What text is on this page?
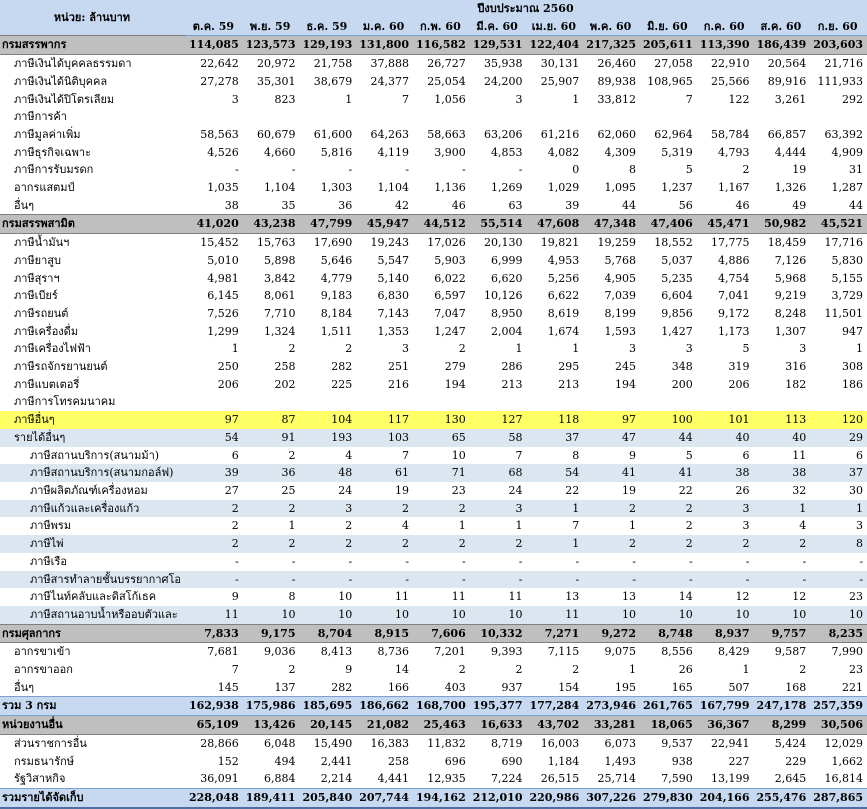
หน่วย: ล้านบาท	ปีงบประมาณ 2560											
	ต.ค. 59	พ.ย. 59	ธ.ค. 59	ม.ค. 60	ก.พ. 60	มี.ค. 60	เม.ย. 60	พ.ค. 60	มิ.ย. 60	ก.ค. 60	ส.ค. 60	ก.ย. 60
กรมสรรพากร	114,085	123,573	129,193	131,800	116,582	129,531	122,404	217,325	205,611	113,390	186,439	203,603
ภาษีเงินได้บุคคลธรรมดา	22,642	20,972	21,758	37,888	26,727	35,938	30,131	26,460	27,058	22,910	20,564	21,716
ภาษีเงินได้นิติบุคคล	27,278	35,301	38,679	24,377	25,054	24,200	25,907	89,938	108,965	25,566	89,916	111,933
ภาษีเงินได้ปิโตรเลียม	3	823	1	7	1,056	3	1	33,812	7	122	3,261	292
ภาษีการค้า												
ภาษีมูลค่าเพิ่ม	58,563	60,679	61,600	64,263	58,663	63,206	61,216	62,060	62,964	58,784	66,857	63,392
ภาษีธุรกิจเฉพาะ	4,526	4,660	5,816	4,119	3,900	4,853	4,082	4,309	5,319	4,793	4,444	4,909
ภาษีการรับมรดก	-	-	-	-	-	-	0	8	5	2	19	31
อากรแสตมป์	1,035	1,104	1,303	1,104	1,136	1,269	1,029	1,095	1,237	1,167	1,326	1,287
อื่นๆ	38	35	36	42	46	63	39	44	56	46	49	44
กรมสรรพสามิต	41,020	43,238	47,799	45,947	44,512	55,514	47,608	47,348	47,406	45,471	50,982	45,521
ภาษีน้ำมันฯ	15,452	15,763	17,690	19,243	17,026	20,130	19,821	19,259	18,552	17,775	18,459	17,716
ภาษียาสูบ	5,010	5,898	5,646	5,547	5,903	6,999	4,953	5,768	5,037	4,886	7,126	5,830
ภาษีสุราฯ	4,981	3,842	4,779	5,140	6,022	6,620	5,256	4,905	5,235	4,754	5,968	5,155
ภาษีเบียร์	6,145	8,061	9,183	6,830	6,597	10,126	6,622	7,039	6,604	7,041	9,219	3,729
ภาษีรถยนต์	7,526	7,710	8,184	7,143	7,047	8,950	8,619	8,199	9,856	9,172	8,248	11,501
ภาษีเครื่องดื่ม	1,299	1,324	1,511	1,353	1,247	2,004	1,674	1,593	1,427	1,173	1,307	947
ภาษีเครื่องไฟฟ้า	1	2	2	3	2	1	1	3	3	5	3	1
ภาษีรถจักรยานยนต์	250	258	282	251	279	286	295	245	348	319	316	308
ภาษีแบตเตอรี่	206	202	225	216	194	213	213	194	200	206	182	186
ภาษีการโทรคมนาคม												
ภาษีอื่นๆ	97	87	104	117	130	127	118	97	100	101	113	120
รายได้อื่นๆ	54	91	193	103	65	58	37	47	44	40	40	29
ภาษีสถานบริการ(สนามม้า)	6	2	4	7	10	7	8	9	5	6	11	6
ภาษีสถานบริการ(สนามกอล์ฟ)	39	36	48	61	71	68	54	41	41	38	38	37
ภาษีผลิตภัณฑ์เครื่องหอม	27	25	24	19	23	24	22	19	22	26	32	30
ภาษีแก้วและเครื่องแก้ว	2	2	3	2	2	3	1	2	2	3	1	1
ภาษีพรม	2	1	2	4	1	1	7	1	2	3	4	3
ภาษีไพ่	2	2	2	2	2	2	1	2	2	2	2	8
ภาษีเรือ	-	-	-	-	-	-	-	-	-	-	-	-
ภาษีสารทำลายชั้นบรรยากาศโอ	-	-	-	-	-	-	-	-	-	-	-	-
ภาษีไนท์คลับและดิสโก้เธค	9	8	10	11	11	11	13	13	14	12	12	23
ภาษีสถานอาบน้ำหรืออบตัวและ	11	10	10	10	10	10	11	10	10	10	10	10
กรมศุลกากร	7,833	9,175	8,704	8,915	7,606	10,332	7,271	9,272	8,748	8,937	9,757	8,235
อากรขาเข้า	7,681	9,036	8,413	8,736	7,201	9,393	7,115	9,075	8,556	8,429	9,587	7,990
อากรขาออก	7	2	9	14	2	2	2	1	26	1	2	23
อื่นๆ	145	137	282	166	403	937	154	195	165	507	168	221
รวม 3 กรม	162,938	175,986	185,695	186,662	168,700	195,377	177,284	273,946	261,765	167,799	247,178	257,359
หน่วยงานอื่น	65,109	13,426	20,145	21,082	25,463	16,633	43,702	33,281	18,065	36,367	8,299	30,506
ส่วนราชการอื่น	28,866	6,048	15,490	16,383	11,832	8,719	16,003	6,073	9,537	22,941	5,424	12,029
กรมธนารักษ์	152	494	2,441	258	696	690	1,184	1,493	938	227	229	1,662
รัฐวิสาหกิจ	36,091	6,884	2,214	4,441	12,935	7,224	26,515	25,714	7,590	13,199	2,645	16,814
รวมรายได้จัดเก็บ	228,048	189,411	205,840	207,744	194,162	212,010	220,986	307,226	279,830	204,166	255,476	287,865
